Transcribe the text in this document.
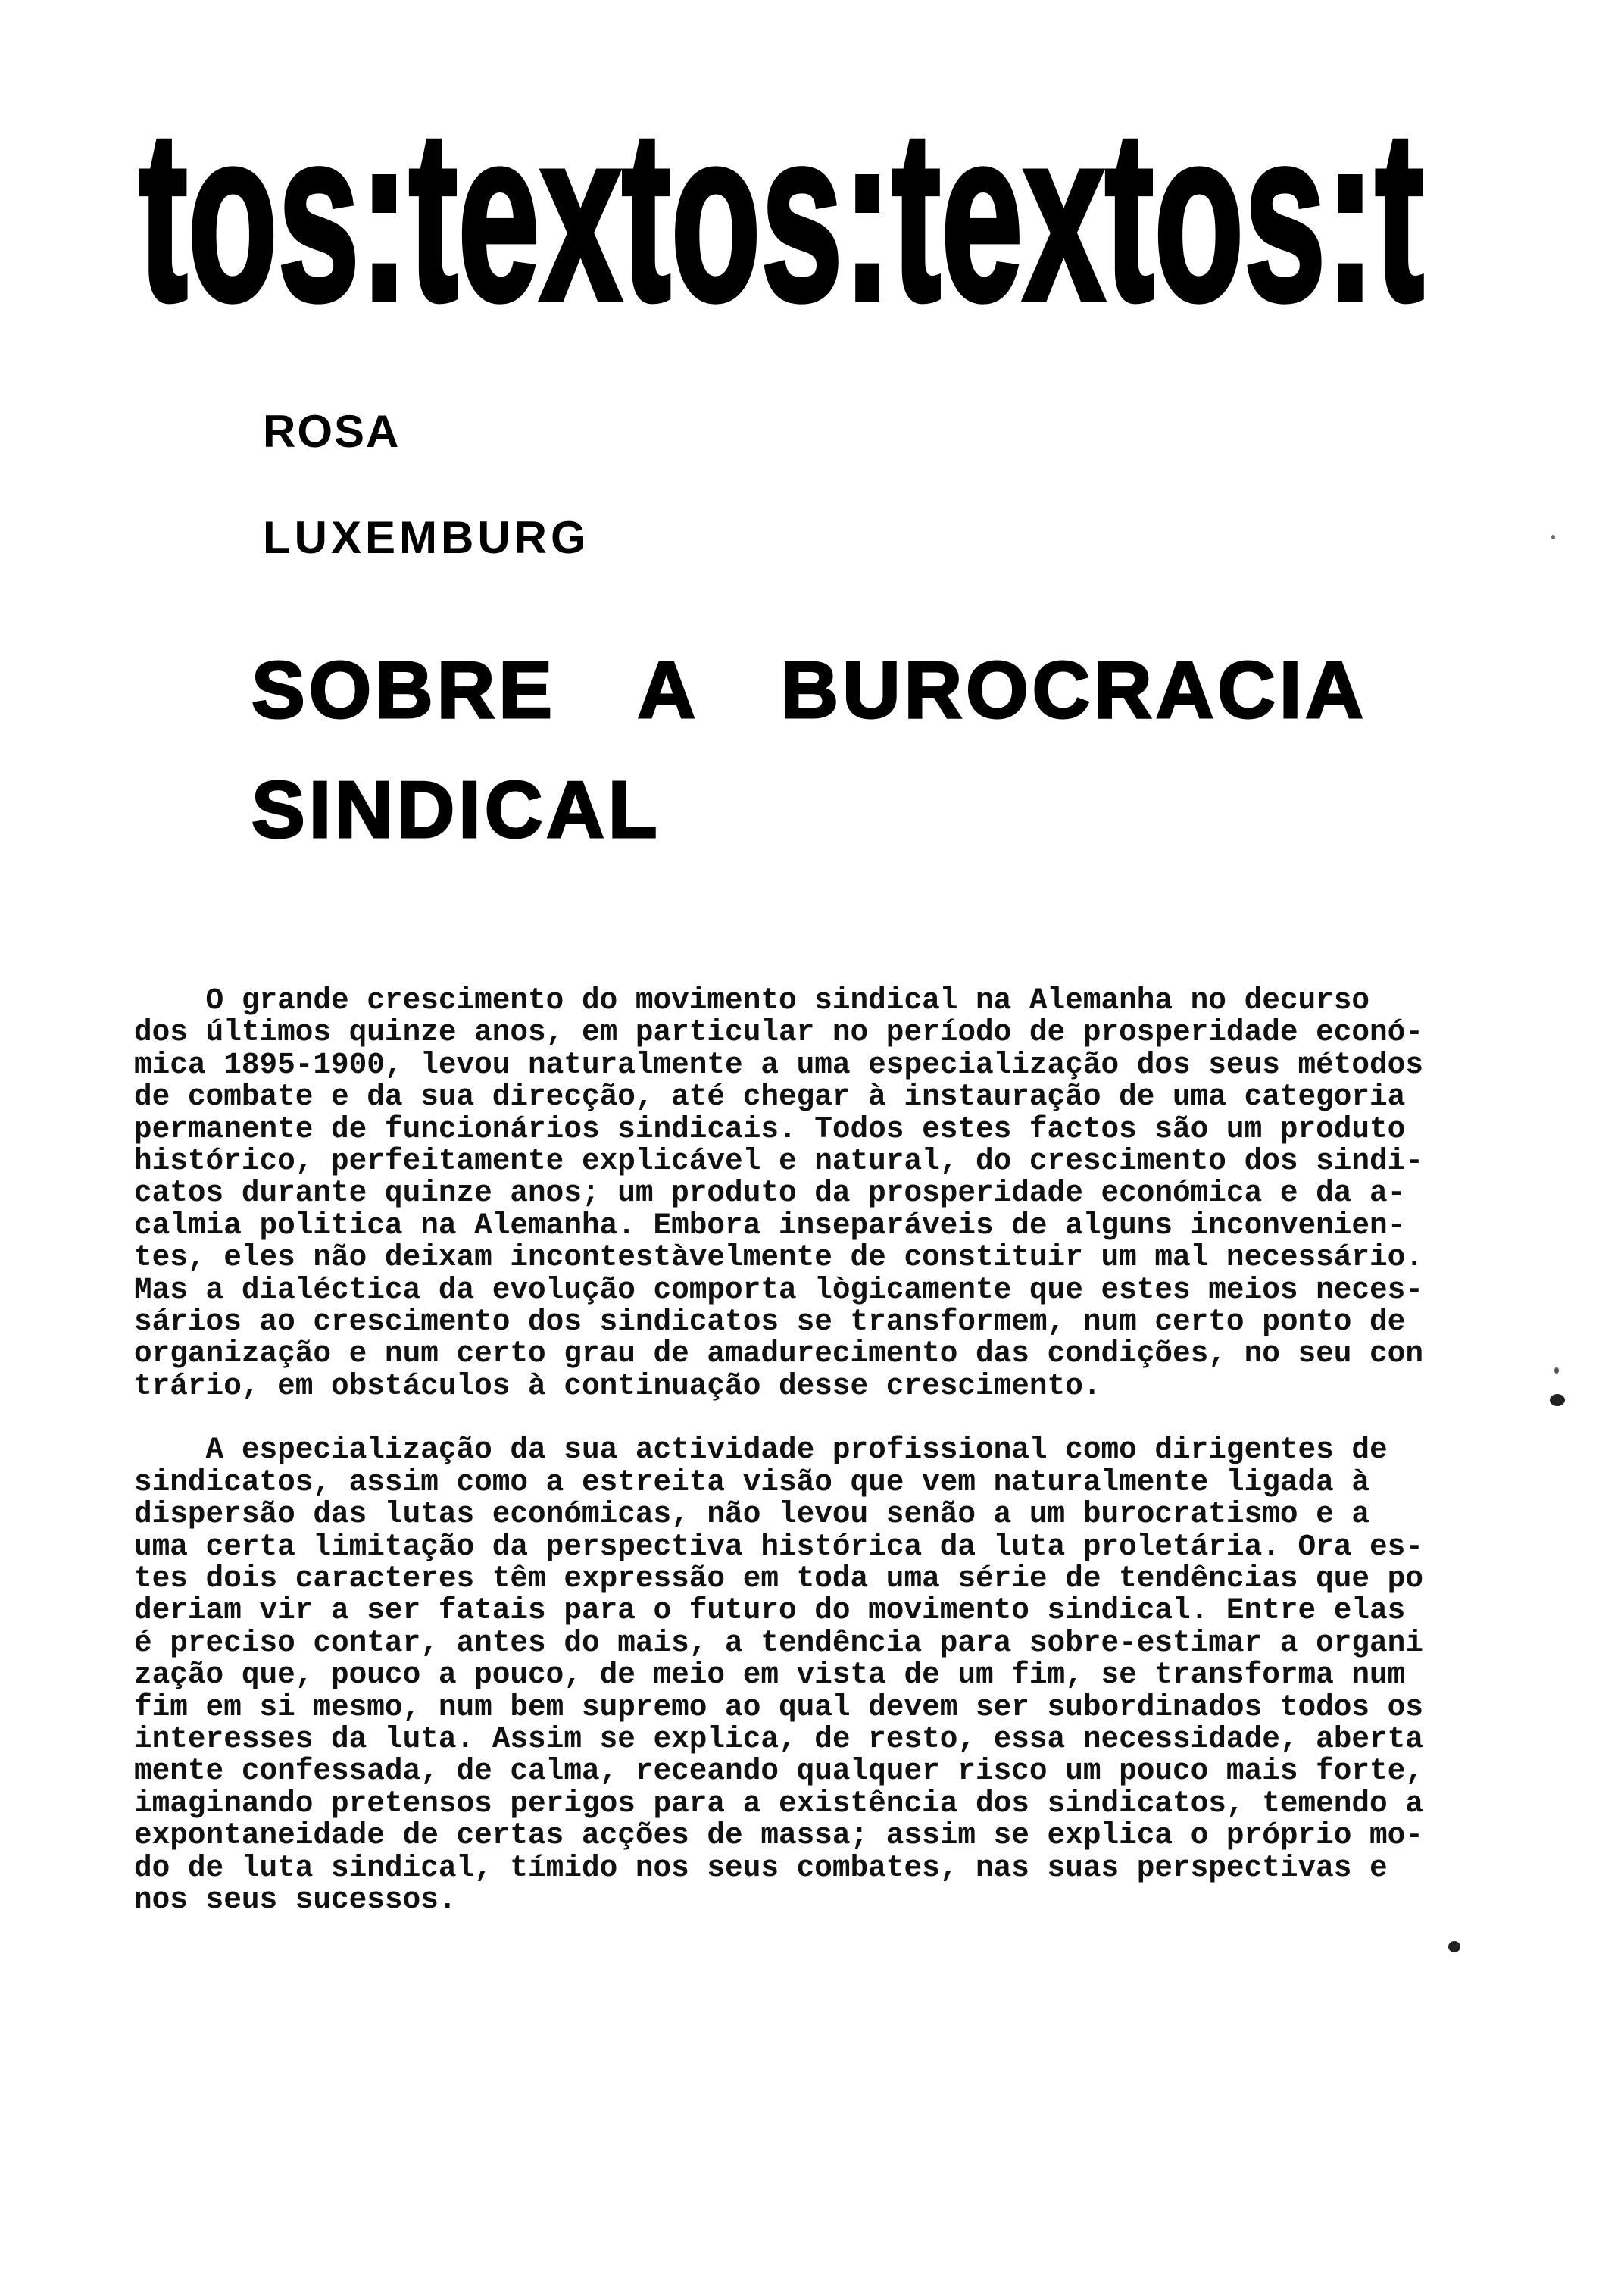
tos:textos:textos:t
ROSA
LUXEMBURG
SOBRE A BUROCRACIA
SINDICAL
O grande crescimento do movimento sindical na Alemanha no decurso
dos últimos quinze anos, em particular no período de prosperidade econó-
mica 1895-1900, levou naturalmente a uma especialização dos seus métodos
de combate e da sua direcção, até chegar à instauração de uma categoria
permanente de funcionários sindicais. Todos estes factos são um produto
histórico, perfeitamente explicável e natural, do crescimento dos sindi-
catos durante quinze anos; um produto da prosperidade económica e da a-
calmia politica na Alemanha. Embora inseparáveis de alguns inconvenien-
tes, eles não deixam incontestàvelmente de constituir um mal necessário.
Mas a dialéctica da evolução comporta lògicamente que estes meios neces-
sários ao crescimento dos sindicatos se transformem, num certo ponto de
organização e num certo grau de amadurecimento das condições, no seu con
trário, em obstáculos à continuação desse crescimento.
A especialização da sua actividade profissional como dirigentes de
sindicatos, assim como a estreita visão que vem naturalmente ligada à
dispersão das lutas económicas, não levou senão a um burocratismo e a
uma certa limitação da perspectiva histórica da luta proletária. Ora es-
tes dois caracteres têm expressão em toda uma série de tendências que po
deriam vir a ser fatais para o futuro do movimento sindical. Entre elas
é preciso contar, antes do mais, a tendência para sobre-estimar a organi
zação que, pouco a pouco, de meio em vista de um fim, se transforma num
fim em si mesmo, num bem supremo ao qual devem ser subordinados todos os
interesses da luta. Assim se explica, de resto, essa necessidade, aberta
mente confessada, de calma, receando qualquer risco um pouco mais forte,
imaginando pretensos perigos para a existência dos sindicatos, temendo a
expontaneidade de certas acções de massa; assim se explica o próprio mo-
do de luta sindical, tímido nos seus combates, nas suas perspectivas e
nos seus sucessos.
